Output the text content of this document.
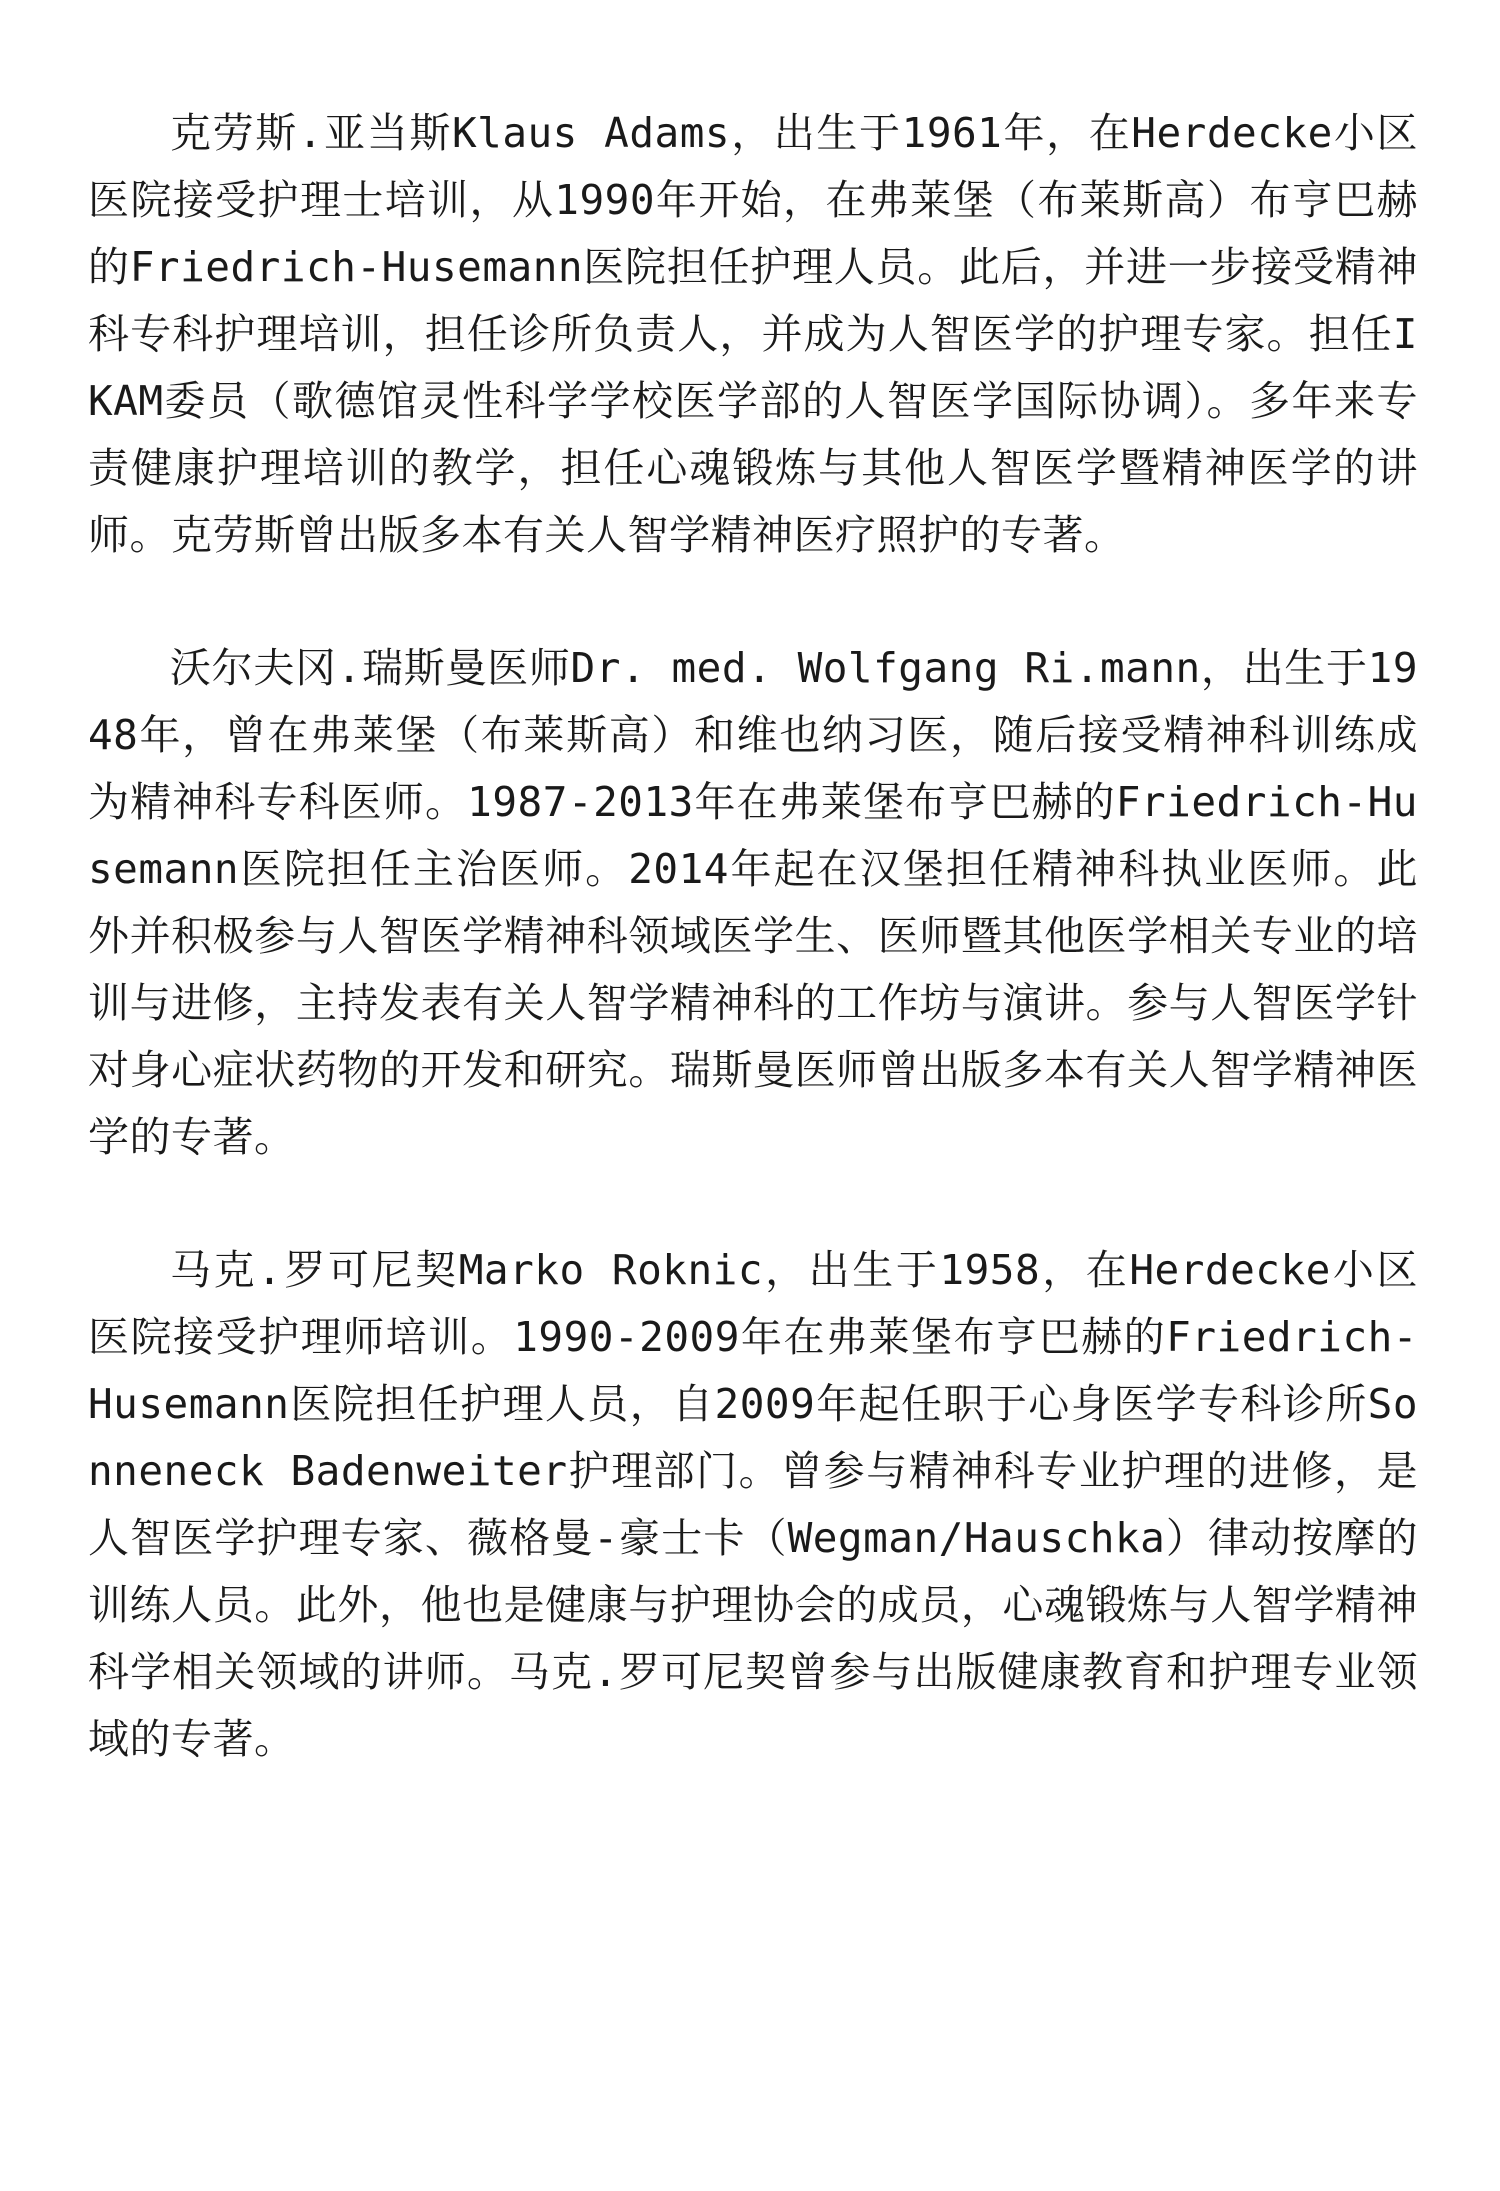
克劳斯.亚当斯Klaus Adams，出生于1961年，在Herdecke小区医院接受护理士培训，从1990年开始，在弗莱堡（布莱斯高）布亨巴赫的Friedrich-Husemann医院担任护理人员。此后，并进一步接受精神科专科护理培训，担任诊所负责人，并成为人智医学的护理专家。担任IKAM委员（歌德馆灵性科学学校医学部的人智医学国际协调）。多年来专责健康护理培训的教学，担任心魂锻炼与其他人智医学暨精神医学的讲师。克劳斯曾出版多本有关人智学精神医疗照护的专著。

沃尔夫冈.瑞斯曼医师Dr. med. Wolfgang Ri.mann，出生于1948年，曾在弗莱堡（布莱斯高）和维也纳习医，随后接受精神科训练成为精神科专科医师。1987-2013年在弗莱堡布亨巴赫的Friedrich-Husemann医院担任主治医师。2014年起在汉堡担任精神科执业医师。此外并积极参与人智医学精神科领域医学生、医师暨其他医学相关专业的培训与进修，主持发表有关人智学精神科的工作坊与演讲。参与人智医学针对身心症状药物的开发和研究。瑞斯曼医师曾出版多本有关人智学精神医学的专著。

马克.罗可尼契Marko Roknic，出生于1958，在Herdecke小区医院接受护理师培训。1990-2009年在弗莱堡布亨巴赫的Friedrich-Husemann医院担任护理人员，自2009年起任职于心身医学专科诊所Sonneneck Badenweiter护理部门。曾参与精神科专业护理的进修，是人智医学护理专家、薇格曼-豪士卡（Wegman/Hauschka）律动按摩的训练人员。此外，他也是健康与护理协会的成员，心魂锻炼与人智学精神科学相关领域的讲师。马克.罗可尼契曾参与出版健康教育和护理专业领域的专著。
